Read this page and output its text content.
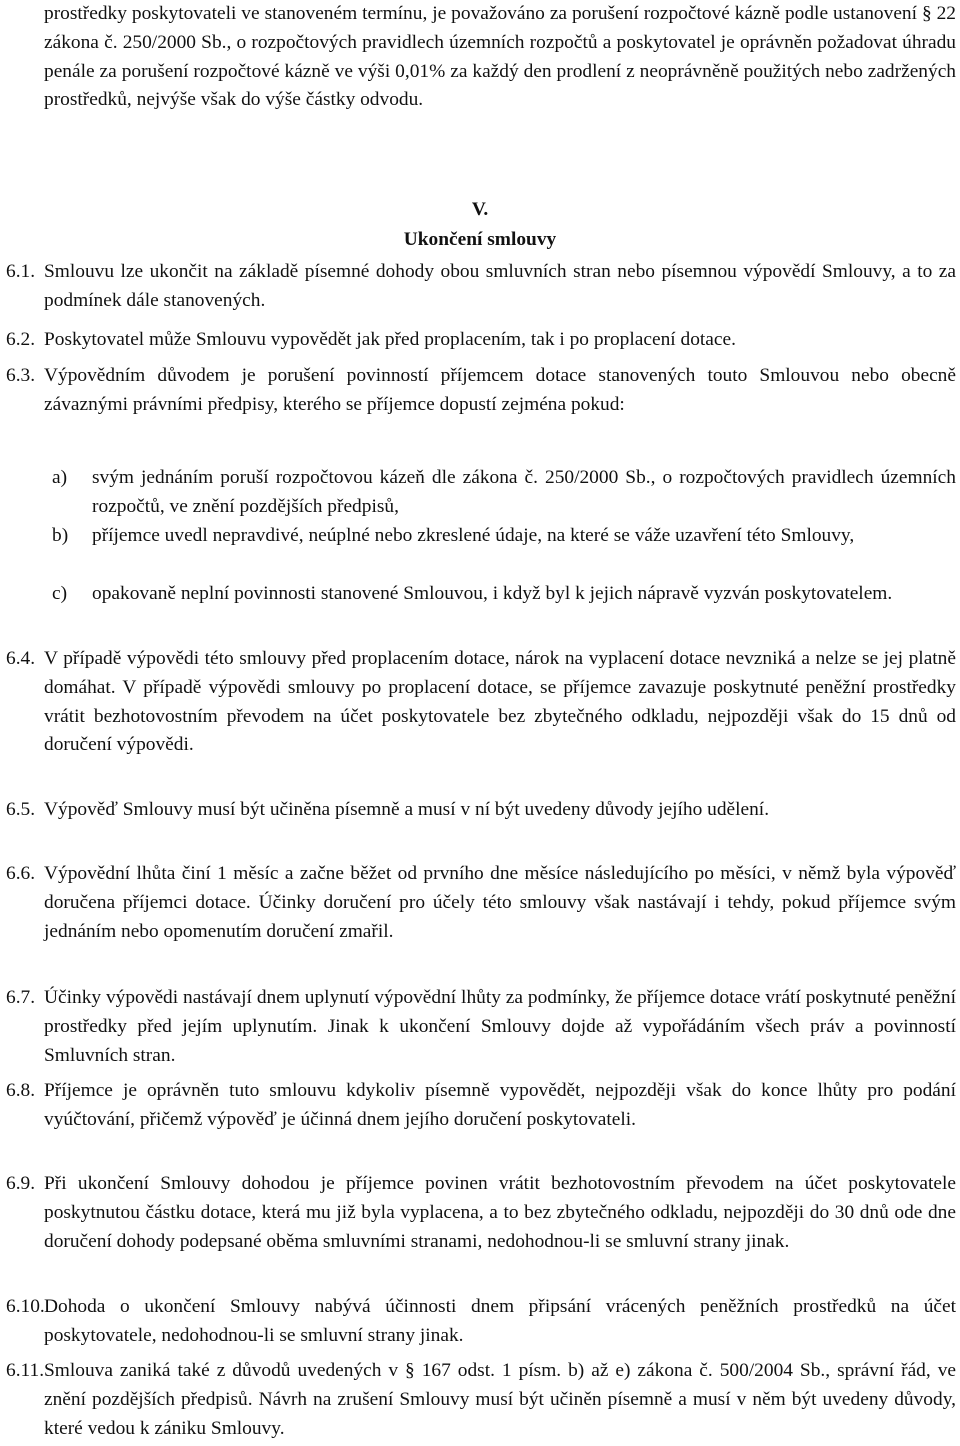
prostředky poskytovateli ve stanoveném termínu, je považováno za porušení rozpočtové kázně podle ustanovení § 22 zákona č. 250/2000 Sb., o rozpočtových pravidlech územních rozpočtů a poskytovatel je oprávněn požadovat úhradu penále za porušení rozpočtové kázně ve výši 0,01% za každý den prodlení z neoprávněně použitých nebo zadržených prostředků, nejvýše však do výše částky odvodu.
V.
Ukončení smlouvy
6.1. Smlouvu lze ukončit na základě písemné dohody obou smluvních stran nebo písemnou výpovědí Smlouvy, a to za podmínek dále stanovených.
6.2. Poskytovatel může Smlouvu vypovědět jak před proplacením, tak i po proplacení dotace.
6.3. Výpovědním důvodem je porušení povinností příjemcem dotace stanovených touto Smlouvou nebo obecně závaznými právními předpisy, kterého se příjemce dopustí zejména pokud:
a) svým jednáním poruší rozpočtovou kázeň dle zákona č. 250/2000 Sb., o rozpočtových pravidlech územních rozpočtů, ve znění pozdějších předpisů,
b) příjemce uvedl nepravdivé, neúplné nebo zkreslené údaje, na které se váže uzavření této Smlouvy,
c) opakovaně neplní povinnosti stanovené Smlouvou, i když byl k jejich nápravě vyzván poskytovatelem.
6.4. V případě výpovědi této smlouvy před proplacením dotace, nárok na vyplacení dotace nevzniká a nelze se jej platně domáhat. V případě výpovědi smlouvy po proplacení dotace, se příjemce zavazuje poskytnuté peněžní prostředky vrátit bezhotovostním převodem na účet poskytovatele bez zbytečného odkladu, nejpozději však do 15 dnů od doručení výpovědi.
6.5. Výpověď Smlouvy musí být učiněna písemně a musí v ní být uvedeny důvody jejího udělení.
6.6. Výpovědní lhůta činí 1 měsíc a začne běžet od prvního dne měsíce následujícího po měsíci, v němž byla výpověď doručena příjemci dotace. Účinky doručení pro účely této smlouvy však nastávají i tehdy, pokud příjemce svým jednáním nebo opomenutím doručení zmařil.
6.7. Účinky výpovědi nastávají dnem uplynutí výpovědní lhůty za podmínky, že příjemce dotace vrátí poskytnuté peněžní prostředky před jejím uplynutím. Jinak k ukončení Smlouvy dojde až vypořádáním všech práv a povinností Smluvních stran.
6.8. Příjemce je oprávněn tuto smlouvu kdykoliv písemně vypovědět, nejpozději však do konce lhůty pro podání vyúčtování, přičemž výpověď je účinná dnem jejího doručení poskytovateli.
6.9. Při ukončení Smlouvy dohodou je příjemce povinen vrátit bezhotovostním převodem na účet poskytovatele poskytnutou částku dotace, která mu již byla vyplacena, a to bez zbytečného odkladu, nejpozději do 30 dnů ode dne doručení dohody podepsané oběma smluvními stranami, nedohodnou-li se smluvní strany jinak.
6.10. Dohoda o ukončení Smlouvy nabývá účinnosti dnem připsání vrácených peněžních prostředků na účet poskytovatele, nedohodnou-li se smluvní strany jinak.
6.11. Smlouva zaniká také z důvodů uvedených v § 167 odst. 1 písm. b) až e) zákona č. 500/2004 Sb., správní řád, ve znění pozdějších předpisů. Návrh na zrušení Smlouvy musí být učiněn písemně a musí v něm být uvedeny důvody, které vedou k zániku Smlouvy.
